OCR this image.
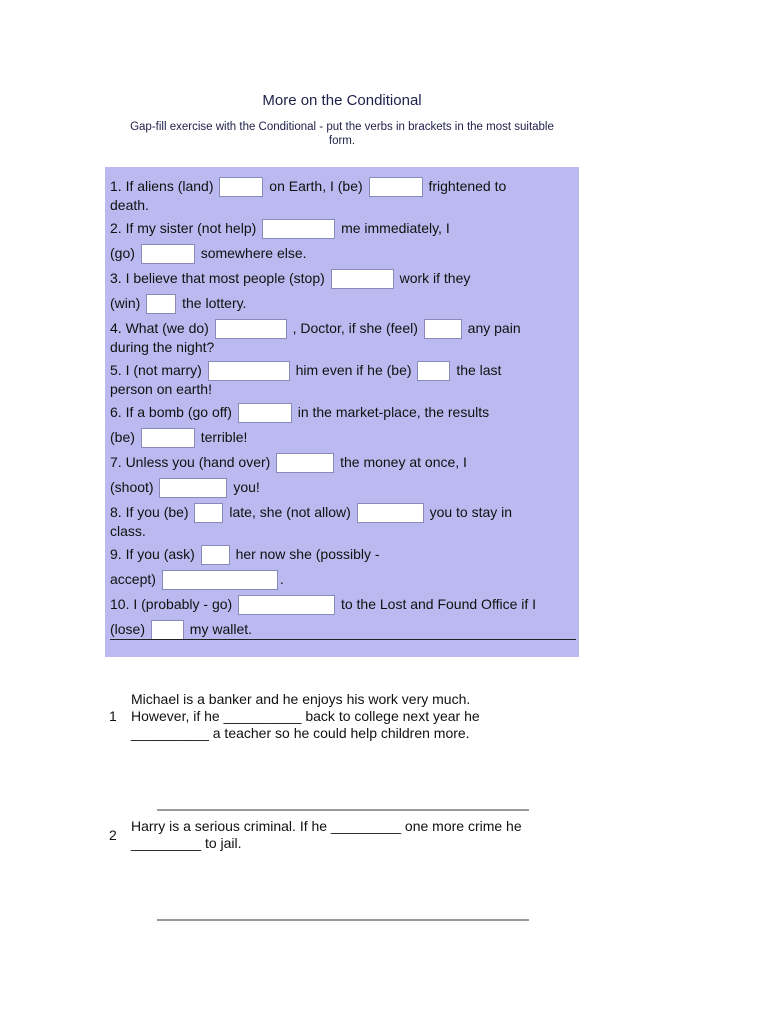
More on the Conditional
Gap-fill exercise with the Conditional - put the verbs in brackets in the most suitable form.
1. If aliens (land)	on Earth, I (be)	frightened to
death.
2. If my sister (not help)	me immediately, I
(go)	somewhere else.
3. I believe that most people (stop)	work if they
(win)	the lottery.
4. What (we do)	, Doctor, if she (feel)	any pain
during the night?
5. I (not marry)	him even if he (be)	the last
person on earth!
6. If a bomb (go off)	in the market-place, the results
(be)	terrible!
7. Unless you (hand over)	the money at once, I
(shoot)	you!
8. If you (be)	late, she (not allow)	you to stay in
class.
9. If you (ask)	her now she (possibly -
accept)	.
10. I (probably - go)	to the Lost and Found Office if I
(lose)	my wallet.
1
Michael is a banker and he enjoys his work very much.
However, if he __________ back to college next year he
__________ a teacher so he could help children more.
2
Harry is a serious criminal. If he _________ one more crime he
_________ to jail.
